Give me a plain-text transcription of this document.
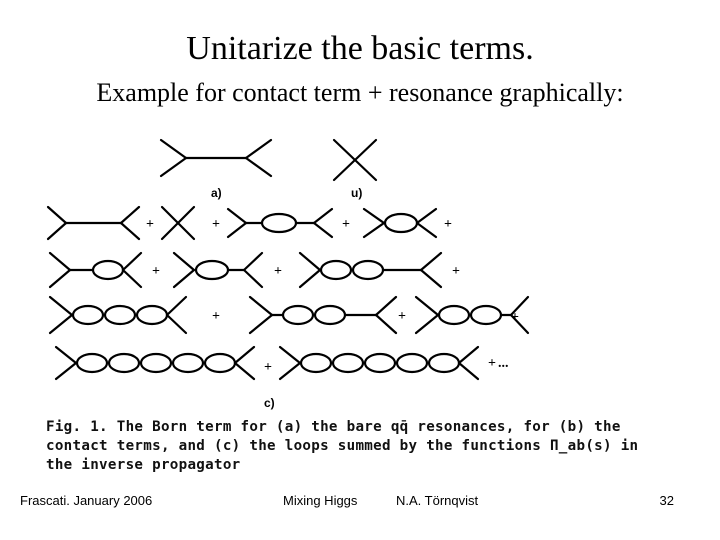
Unitarize the basic terms.
Example for contact term + resonance graphically:
a)	u)
+	+	+	+
+	+	+
+	+	+
+	+ ...
c)
Fig. 1. The Born term for (a) the bare qq̄ resonances, for (b) the
contact terms, and (c) the loops summed by the functions Π_ab(s) in
the inverse propagator
Frascati. January 2006	Mixing Higgs	N.A. Törnqvist	32
